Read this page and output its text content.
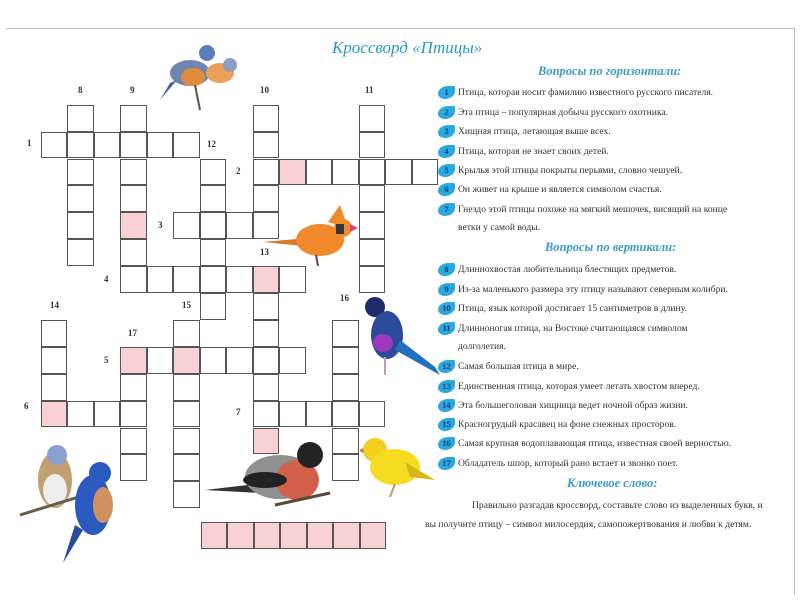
1
2
3
4
5
6
7
8	9	10	11
12
13
14	15
16
17
Кроссворд «Птицы»
Вопросы по горизонтали:
1 Птица, которая носит фамилию известного русского писателя.
2 Эта птица – популярная добыча русского охотника.
3 Хищная птица, летающая выше всех.
4 Птица, которая не знает своих детей.
5 Крылья этой птицы покрыты перьями, словно чешуей.
6 Он живет на крыше и является символом счастья.
7 Гнездо этой птицы похоже на мягкий мешочек, висящий на конце
ветки у самой воды.
Вопросы по вертикали:
8 Длиннохвостая любительница блестящих предметов.
9 Из-за маленького размера эту птицу называют северным колибри.
10 Птица, язык которой достигает 15 сантиметров в длину.
11 Длинноногая птица, на Востоке считающаяся символом
долголетия.
12 Самая большая птица в мире.
13 Единственная птица, которая умеет летать хвостом вперед.
14 Эта большеголовая хищница ведет ночной образ жизни.
15 Красногрудый красавец на фоне снежных просторов.
16 Самая крупная водоплавающая птица, известная своей верностью.
17 Обладатель шпор, который рано встает и звонко поет.
Ключевое слово:
Правильно разгадав кроссворд, составьте слово из выделенных букв, и
вы получите птицу – символ милосердия, самопожертвования и любви к детям.
